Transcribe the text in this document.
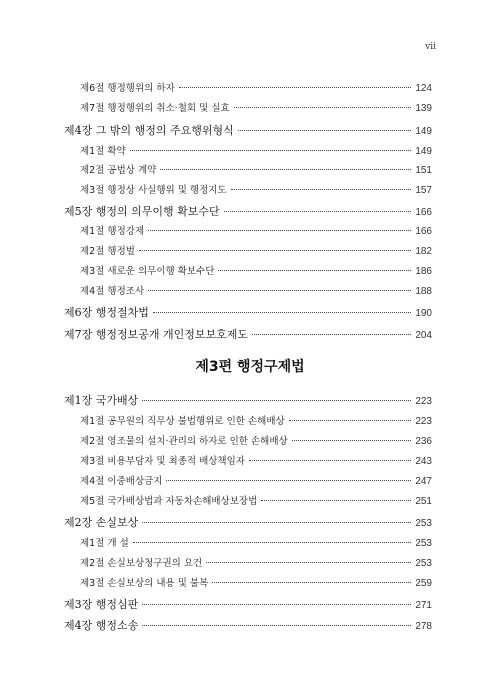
vii
제6절 행정행위의 하자	124
제7절 행정행위의 취소·철회 및 실효	139
제4장 그 밖의 행정의 주요행위형식	149
제1절 확약	149
제2절 공법상 계약	151
제3절 행정상 사실행위 및 행정지도	157
제5장 행정의 의무이행 확보수단	166
제1절 행정강제	166
제2절 행정벌	182
제3절 새로운 의무이행 확보수단	186
제4절 행정조사	188
제6장 행정절차법	190
제7장 행정정보공개 개인정보보호제도	204
제3편 행정구제법
제1장 국가배상	223
제1절 공무원의 직무상 불법행위로 인한 손해배상	223
제2절 영조물의 설치·관리의 하자로 인한 손해배상	236
제3절 비용부담자 및 최종적 배상책임자	243
제4절 이중배상금지	247
제5절 국가배상법과 자동차손해배상보장법	251
제2장 손실보상	253
제1절 개 설	253
제2절 손실보상청구권의 요건	253
제3절 손실보상의 내용 및 불복	259
제3장 행정심판	271
제4장 행정소송	278
